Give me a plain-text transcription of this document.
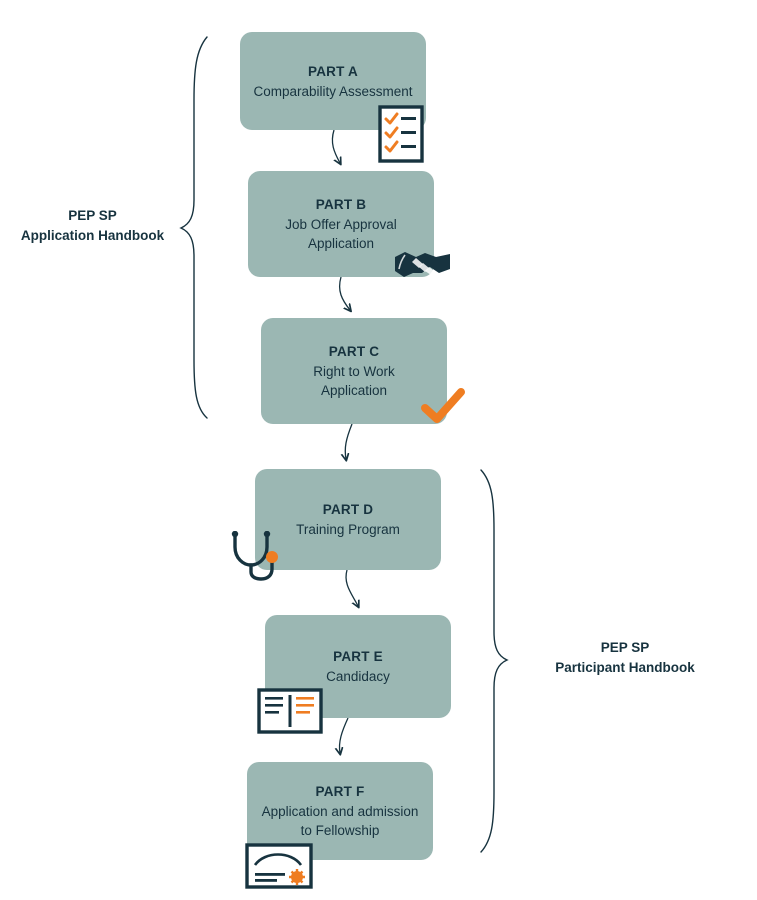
PART A
Comparability Assessment
PART B
Job Offer Approval
Application
PART C
Right to Work
Application
PART D
Training Program
PART E
Candidacy
PART F
Application and admission
to Fellowship
PEP SP
Application Handbook
PEP SP
Participant Handbook
